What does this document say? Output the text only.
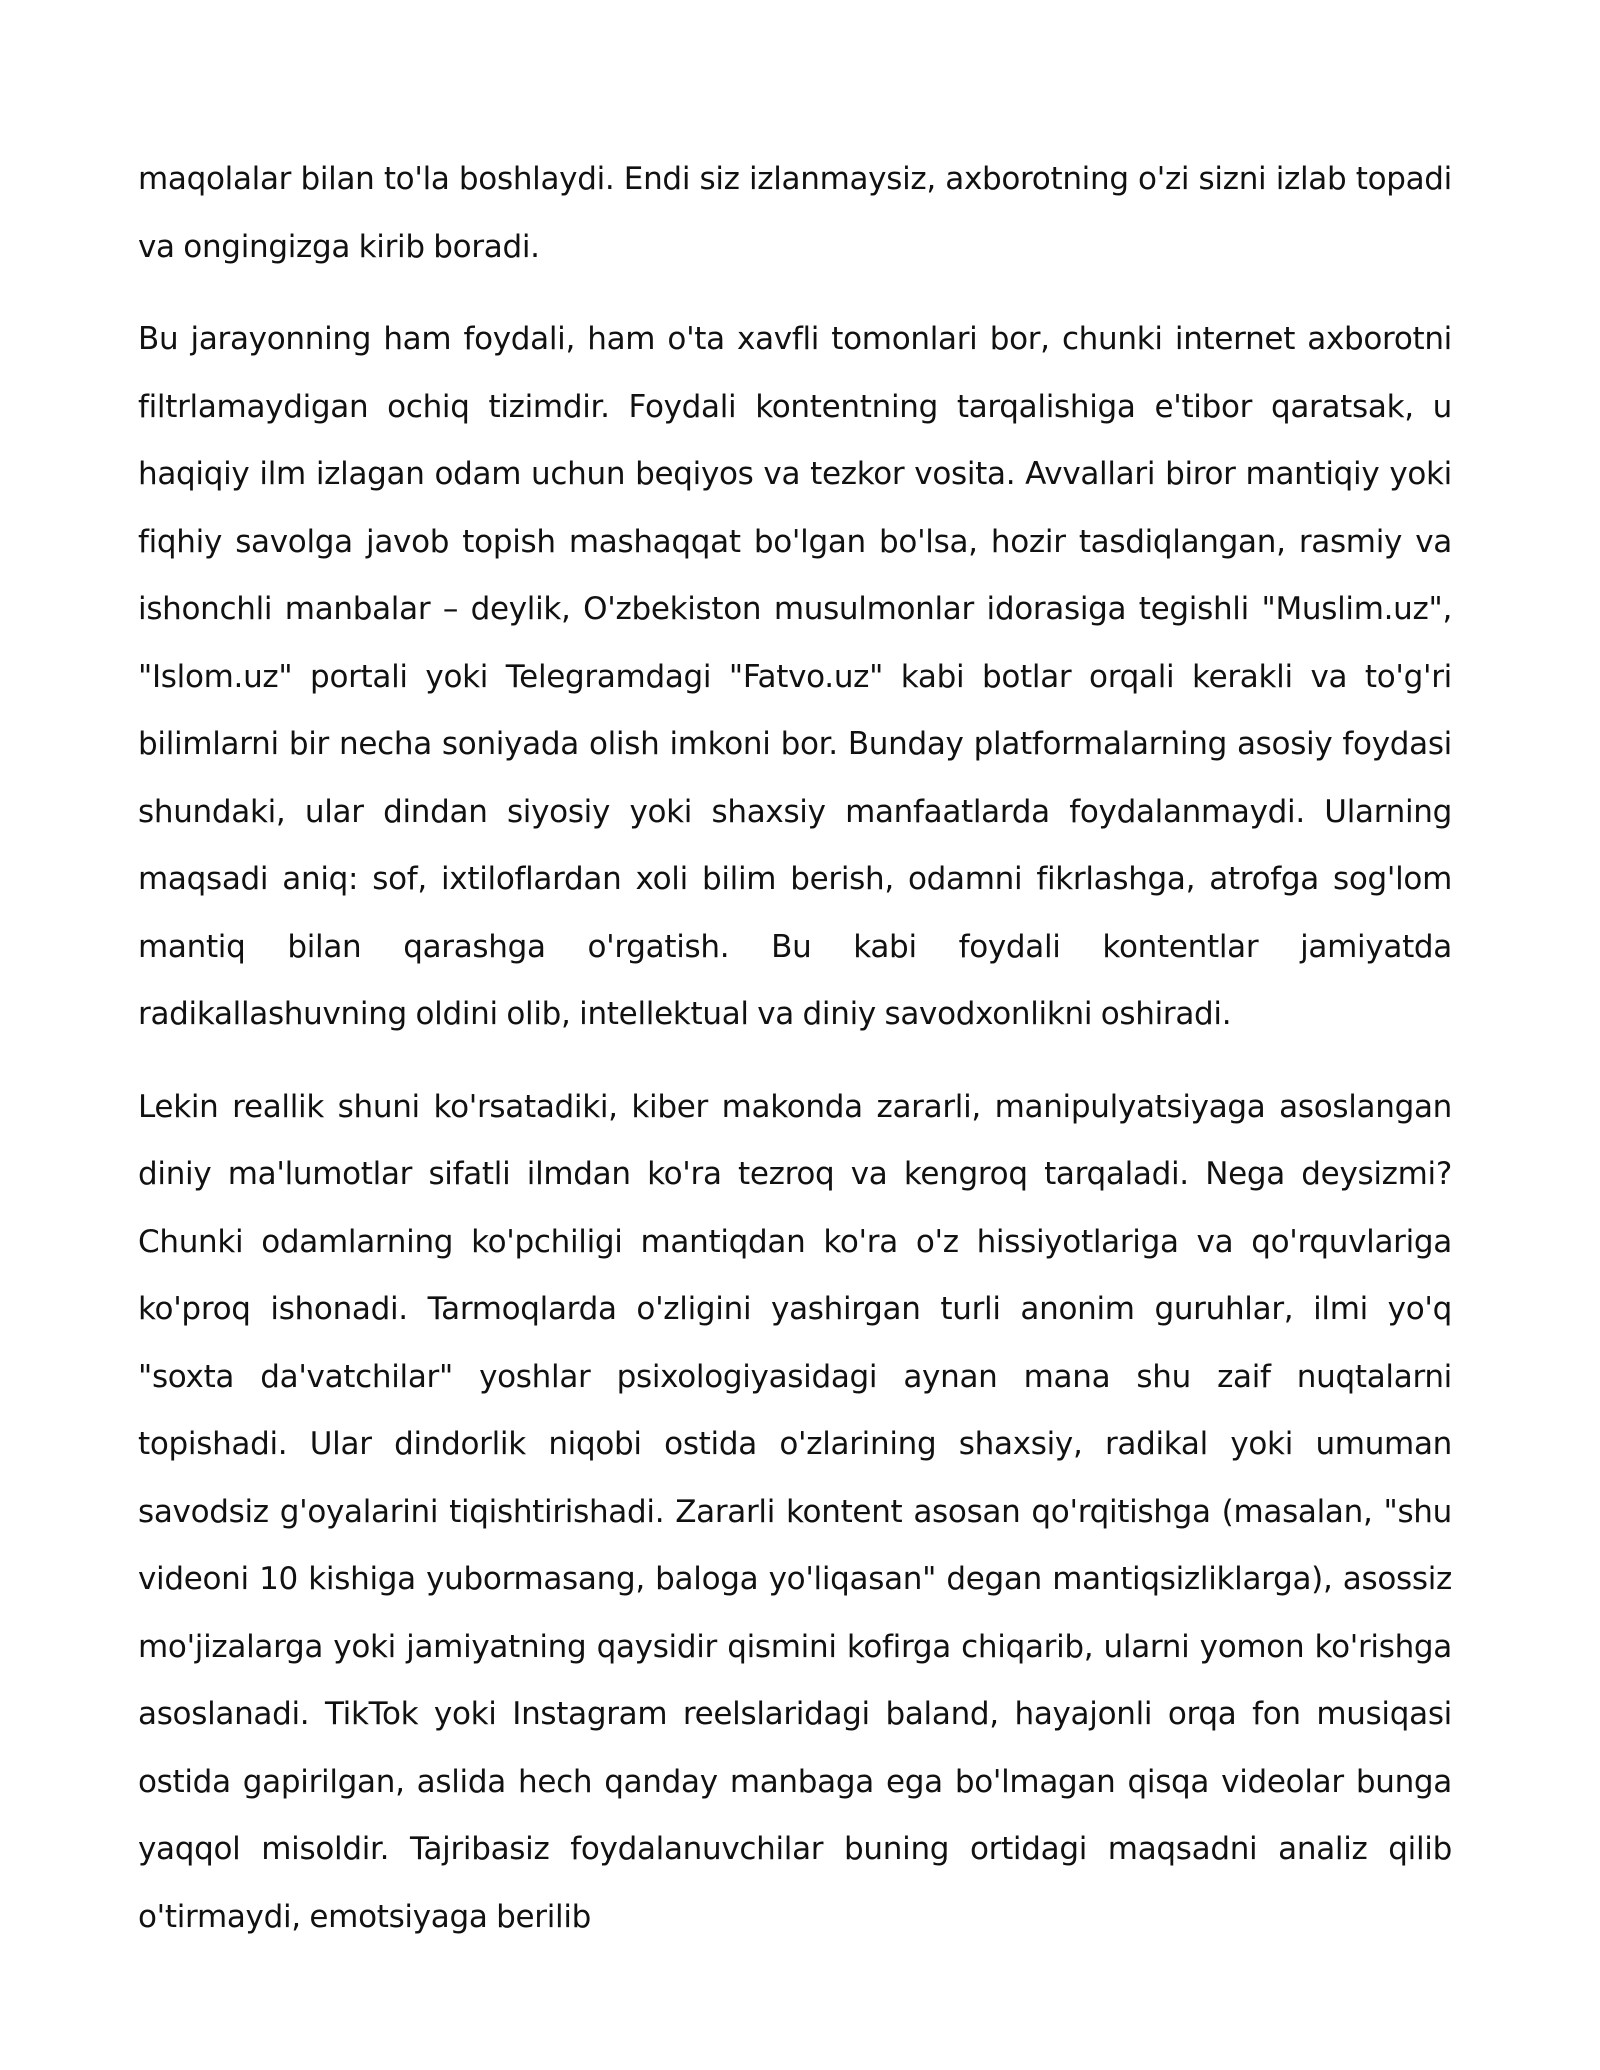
maqolalar bilan to'la boshlaydi. Endi siz izlanmaysiz, axborotning o'zi sizni izlab topadi va ongingizga kirib boradi.

Bu jarayonning ham foydali, ham o'ta xavfli tomonlari bor, chunki internet axborotni filtrlamaydigan ochiq tizimdir. Foydali kontentning tarqalishiga e'tibor qaratsak, u haqiqiy ilm izlagan odam uchun beqiyos va tezkor vosita. Avvallari biror mantiqiy yoki fiqhiy savolga javob topish mashaqqat bo'lgan bo'lsa, hozir tasdiqlangan, rasmiy va ishonchli manbalar – deylik, O'zbekiston musulmonlar idorasiga tegishli "Muslim.uz", "Islom.uz" portali yoki Telegramdagi "Fatvo.uz" kabi botlar orqali kerakli va to'g'ri bilimlarni bir necha soniyada olish imkoni bor. Bunday platformalarning asosiy foydasi shundaki, ular dindan siyosiy yoki shaxsiy manfaatlarda foydalanmaydi. Ularning maqsadi aniq: sof, ixtiloflardan xoli bilim berish, odamni fikrlashga, atrofga sog'lom mantiq bilan qarashga o'rgatish. Bu kabi foydali kontentlar jamiyatda radikallashuvning oldini olib, intellektual va diniy savodxonlikni oshiradi.

Lekin reallik shuni ko'rsatadiki, kiber makonda zararli, manipulyatsiyaga asoslangan diniy ma'lumotlar sifatli ilmdan ko'ra tezroq va kengroq tarqaladi. Nega deysizmi? Chunki odamlarning ko'pchiligi mantiqdan ko'ra o'z hissiyotlariga va qo'rquvlariga ko'proq ishonadi. Tarmoqlarda o'zligini yashirgan turli anonim guruhlar, ilmi yo'q "soxta da'vatchilar" yoshlar psixologiyasidagi aynan mana shu zaif nuqtalarni topishadi. Ular dindorlik niqobi ostida o'zlarining shaxsiy, radikal yoki umuman savodsiz g'oyalarini tiqishtirishadi. Zararli kontent asosan qo'rqitishga (masalan, "shu videoni 10 kishiga yubormasang, baloga yo'liqasan" degan mantiqsizliklarga), asossiz mo'jizalarga yoki jamiyatning qaysidir qismini kofirga chiqarib, ularni yomon ko'rishga asoslanadi. TikTok yoki Instagram reelslaridagi baland, hayajonli orqa fon musiqasi ostida gapirilgan, aslida hech qanday manbaga ega bo'lmagan qisqa videolar bunga yaqqol misoldir. Tajribasiz foydalanuvchilar buning ortidagi maqsadni analiz qilib o'tirmaydi, emotsiyaga berilib
